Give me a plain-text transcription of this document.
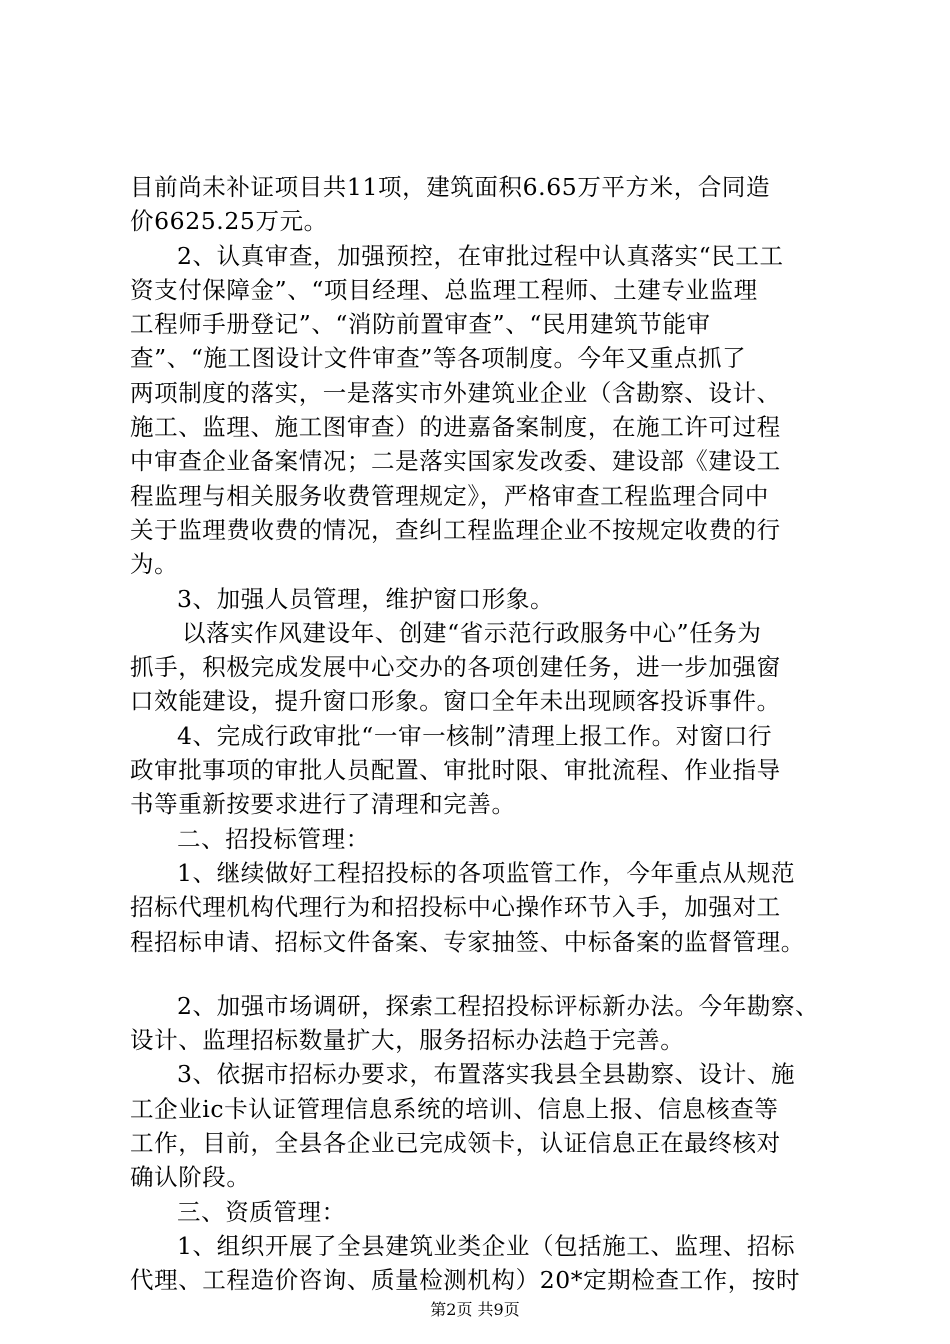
目前尚未补证项目共11项，建筑面积6.65万平方米，合同造
价6625.25万元。
2、认真审查，加强预控，在审批过程中认真落实“民工工
资支付保障金”、“项目经理、总监理工程师、土建专业监理
工程师手册登记”、“消防前置审查”、“民用建筑节能审
查”、“施工图设计文件审查”等各项制度。今年又重点抓了
两项制度的落实，一是落实市外建筑业企业（含勘察、设计、
施工、监理、施工图审查）的进嘉备案制度，在施工许可过程
中审查企业备案情况；二是落实国家发改委、建设部《建设工
程监理与相关服务收费管理规定》，严格审查工程监理合同中
关于监理费收费的情况，查纠工程监理企业不按规定收费的行
为。
3、加强人员管理，维护窗口形象。
以落实作风建设年、创建“省示范行政服务中心”任务为
抓手，积极完成发展中心交办的各项创建任务，进一步加强窗
口效能建设，提升窗口形象。窗口全年未出现顾客投诉事件。
4、完成行政审批“一审一核制”清理上报工作。对窗口行
政审批事项的审批人员配置、审批时限、审批流程、作业指导
书等重新按要求进行了清理和完善。
二、招投标管理：
1、继续做好工程招投标的各项监管工作，今年重点从规范
招标代理机构代理行为和招投标中心操作环节入手，加强对工
程招标申请、招标文件备案、专家抽签、中标备案的监督管理。
2、加强市场调研，探索工程招投标评标新办法。今年勘察、
设计、监理招标数量扩大，服务招标办法趋于完善。
3、依据市招标办要求，布置落实我县全县勘察、设计、施
工企业ic卡认证管理信息系统的培训、信息上报、信息核查等
工作，目前，全县各企业已完成领卡，认证信息正在最终核对
确认阶段。
三、资质管理：
1、组织开展了全县建筑业类企业（包括施工、监理、招标
代理、工程造价咨询、质量检测机构）20*定期检查工作，按时
第2页 共9页
